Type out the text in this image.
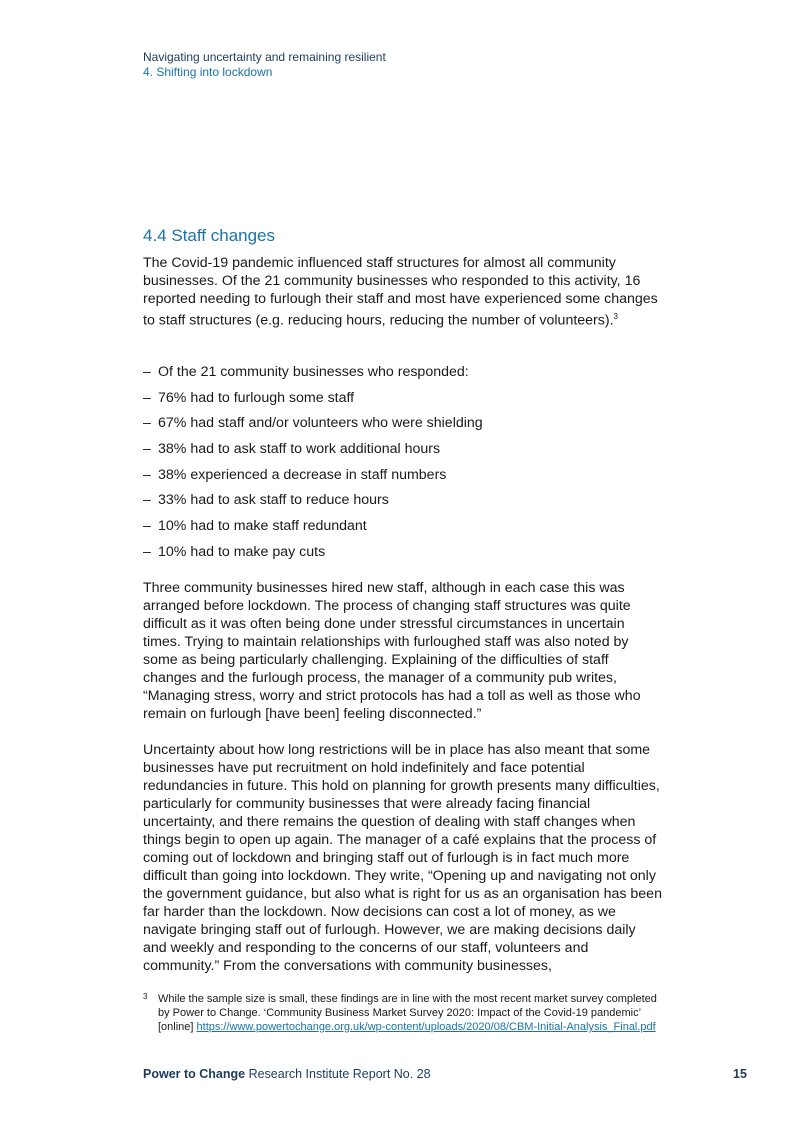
Navigating uncertainty and remaining resilient
4. Shifting into lockdown
4.4 Staff changes

The Covid-19 pandemic influenced staff structures for almost all community businesses. Of the 21 community businesses who responded to this activity, 16 reported needing to furlough their staff and most have experienced some changes to staff structures (e.g. reducing hours, reducing the number of volunteers).$^3$

– Of the 21 community businesses who responded:
– 76% had to furlough some staff
– 67% had staff and/or volunteers who were shielding
– 38% had to ask staff to work additional hours
– 38% experienced a decrease in staff numbers
– 33% had to ask staff to reduce hours
– 10% had to make staff redundant
– 10% had to make pay cuts

Three community businesses hired new staff, although in each case this was arranged before lockdown. The process of changing staff structures was quite difficult as it was often being done under stressful circumstances in uncertain times. Trying to maintain relationships with furloughed staff was also noted by some as being particularly challenging. Explaining of the difficulties of staff changes and the furlough process, the manager of a community pub writes, “Managing stress, worry and strict protocols has had a toll as well as those who remain on furlough [have been] feeling disconnected.”

Uncertainty about how long restrictions will be in place has also meant that some businesses have put recruitment on hold indefinitely and face potential redundancies in future. This hold on planning for growth presents many difficulties, particularly for community businesses that were already facing financial uncertainty, and there remains the question of dealing with staff changes when things begin to open up again. The manager of a café explains that the process of coming out of lockdown and bringing staff out of furlough is in fact much more difficult than going into lockdown. They write, “Opening up and navigating not only the government guidance, but also what is right for us as an organisation has been far harder than the lockdown. Now decisions can cost a lot of money, as we navigate bringing staff out of furlough. However, we are making decisions daily and weekly and responding to the concerns of our staff, volunteers and community.” From the conversations with community businesses,

3 While the sample size is small, these findings are in line with the most recent market survey completed by Power to Change. ‘Community Business Market Survey 2020: Impact of the Covid-19 pandemic’ [online] https://www.powertochange.org.uk/wp-content/uploads/2020/08/CBM-Initial-Analysis_Final.pdf
Power to Change Research Institute Report No. 28	15
